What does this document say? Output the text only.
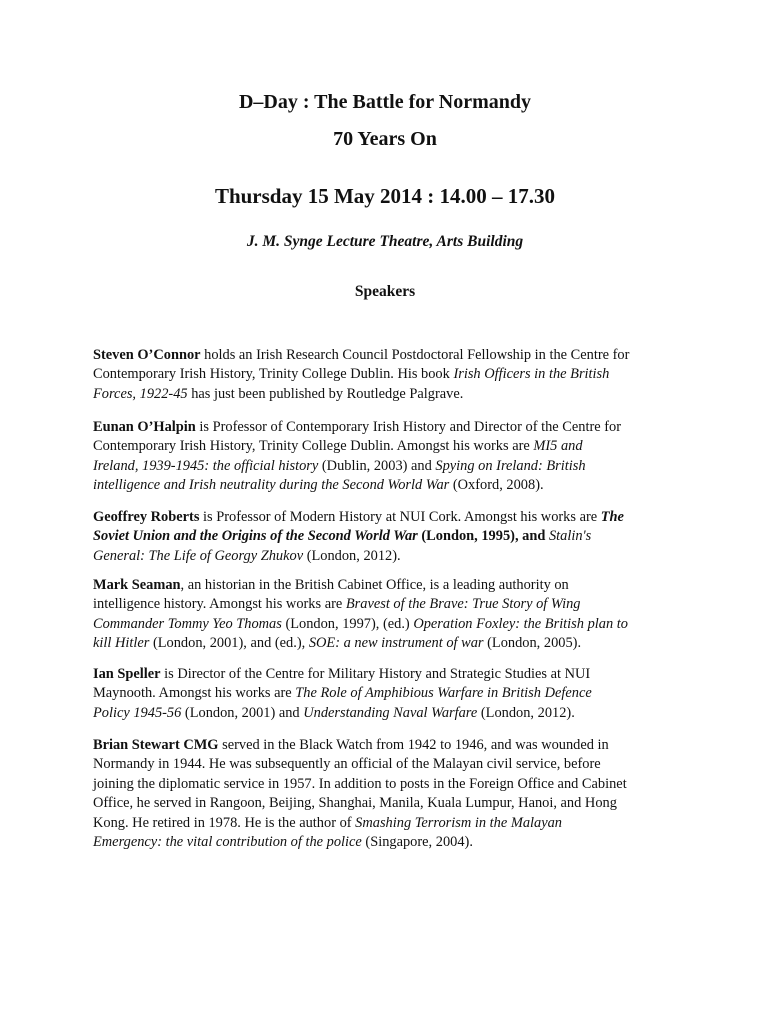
D–Day : The Battle for Normandy
70 Years On
Thursday 15 May 2014 : 14.00 – 17.30
J. M. Synge Lecture Theatre, Arts Building
Speakers
Steven O’Connor holds an Irish Research Council Postdoctoral Fellowship in the Centre for
Contemporary Irish History, Trinity College Dublin. His book Irish Officers in the British
Forces, 1922-45 has just been published by Routledge Palgrave.
Eunan O’Halpin is Professor of Contemporary Irish History and Director of the Centre for
Contemporary Irish History, Trinity College Dublin. Amongst his works are MI5 and
Ireland, 1939-1945: the official history (Dublin, 2003) and Spying on Ireland: British
intelligence and Irish neutrality during the Second World War (Oxford, 2008).
Geoffrey Roberts is Professor of Modern History at NUI Cork. Amongst his works are The
Soviet Union and the Origins of the Second World War (London, 1995), and Stalin's
General: The Life of Georgy Zhukov (London, 2012).
Mark Seaman, an historian in the British Cabinet Office, is a leading authority on
intelligence history. Amongst his works are Bravest of the Brave: True Story of Wing
Commander Tommy Yeo Thomas (London, 1997), (ed.) Operation Foxley: the British plan to
kill Hitler (London, 2001), and (ed.), SOE: a new instrument of war (London, 2005).
Ian Speller is Director of the Centre for Military History and Strategic Studies at NUI
Maynooth. Amongst his works are The Role of Amphibious Warfare in British Defence
Policy 1945-56 (London, 2001) and Understanding Naval Warfare (London, 2012).
Brian Stewart CMG served in the Black Watch from 1942 to 1946, and was wounded in
Normandy in 1944. He was subsequently an official of the Malayan civil service, before
joining the diplomatic service in 1957. In addition to posts in the Foreign Office and Cabinet
Office, he served in Rangoon, Beijing, Shanghai, Manila, Kuala Lumpur, Hanoi, and Hong
Kong. He retired in 1978. He is the author of Smashing Terrorism in the Malayan
Emergency: the vital contribution of the police (Singapore, 2004).
